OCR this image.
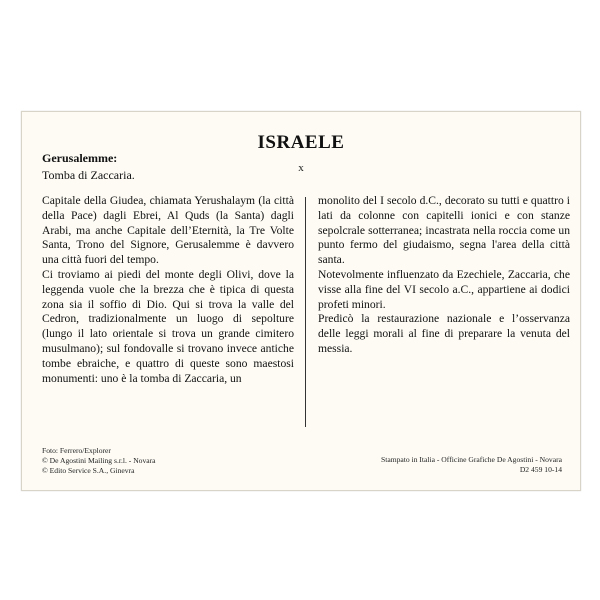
ISRAELE
x
Gerusalemme:
Tomba di Zaccaria.

Capitale della Giudea, chiamata Yerushalaym (la città della Pace) dagli Ebrei, Al Quds (la Santa) dagli Arabi, ma anche Capitale dell’Eternità, la Tre Volte Santa, Trono del Signore, Gerusalemme è davvero una città fuori del tempo.

Ci troviamo ai piedi del monte degli Olivi, dove la leggenda vuole che la brezza che è tipica di questa zona sia il soffio di Dio. Qui si trova la valle del Cedron, tradizionalmente un luogo di sepolture (lungo il lato orientale si trova un grande cimitero musulmano); sul fondovalle si trovano invece antiche tombe ebraiche, e quattro di queste sono maestosi monumenti: uno è la tomba di Zaccaria, un

monolito del I secolo d.C., decorato su tutti e quattro i lati da colonne con capitelli ionici e con stanze sepolcrale sotterranea; incastrata nella roccia come un punto fermo del giudaismo, segna l'area della città santa.

Notevolmente influenzato da Ezechiele, Zaccaria, che visse alla fine del VI secolo a.C., appartiene ai dodici profeti minori.

Predicò la restaurazione nazionale e l’osservanza delle leggi morali al fine di preparare la venuta del messia.

Foto: Ferrero/Explorer
© De Agostini Mailing s.r.l. - Novara
© Edito Service S.A., Ginevra
Stampato in Italia - Officine Grafiche De Agostini - Novara
D2 459 10-14
